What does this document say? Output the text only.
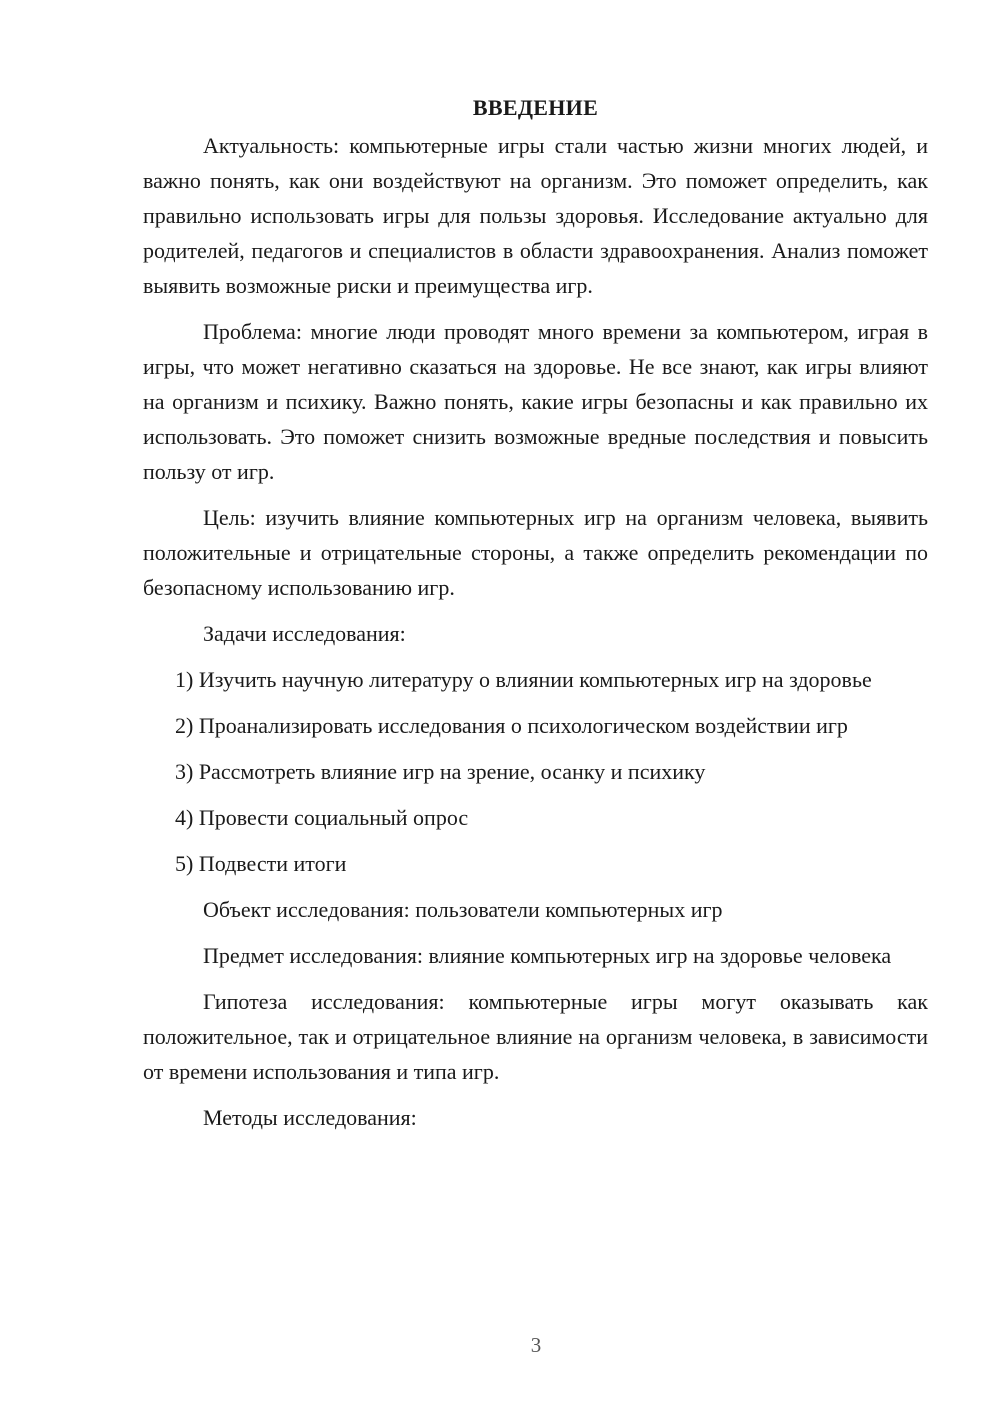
ВВЕДЕНИЕ

Актуальность: компьютерные игры стали частью жизни многих людей, и важно понять, как они воздействуют на организм. Это поможет определить, как правильно использовать игры для пользы здоровья. Исследование актуально для родителей, педагогов и специалистов в области здравоохранения. Анализ поможет выявить возможные риски и преимущества игр.

Проблема: многие люди проводят много времени за компьютером, играя в игры, что может негативно сказаться на здоровье. Не все знают, как игры влияют на организм и психику. Важно понять, какие игры безопасны и как правильно их использовать. Это поможет снизить возможные вредные последствия и повысить пользу от игр.

Цель: изучить влияние компьютерных игр на организм человека, выявить положительные и отрицательные стороны, а также определить рекомендации по безопасному использованию игр.

Задачи исследования:

1) Изучить научную литературу о влиянии компьютерных игр на здоровье

2) Проанализировать исследования о психологическом воздействии игр

3) Рассмотреть влияние игр на зрение, осанку и психику

4) Провести социальный опрос

5) Подвести итоги

Объект исследования: пользователи компьютерных игр

Предмет исследования: влияние компьютерных игр на здоровье человека

Гипотеза исследования: компьютерные игры могут оказывать как положительное, так и отрицательное влияние на организм человека, в зависимости от времени использования и типа игр.

Методы исследования:

3
